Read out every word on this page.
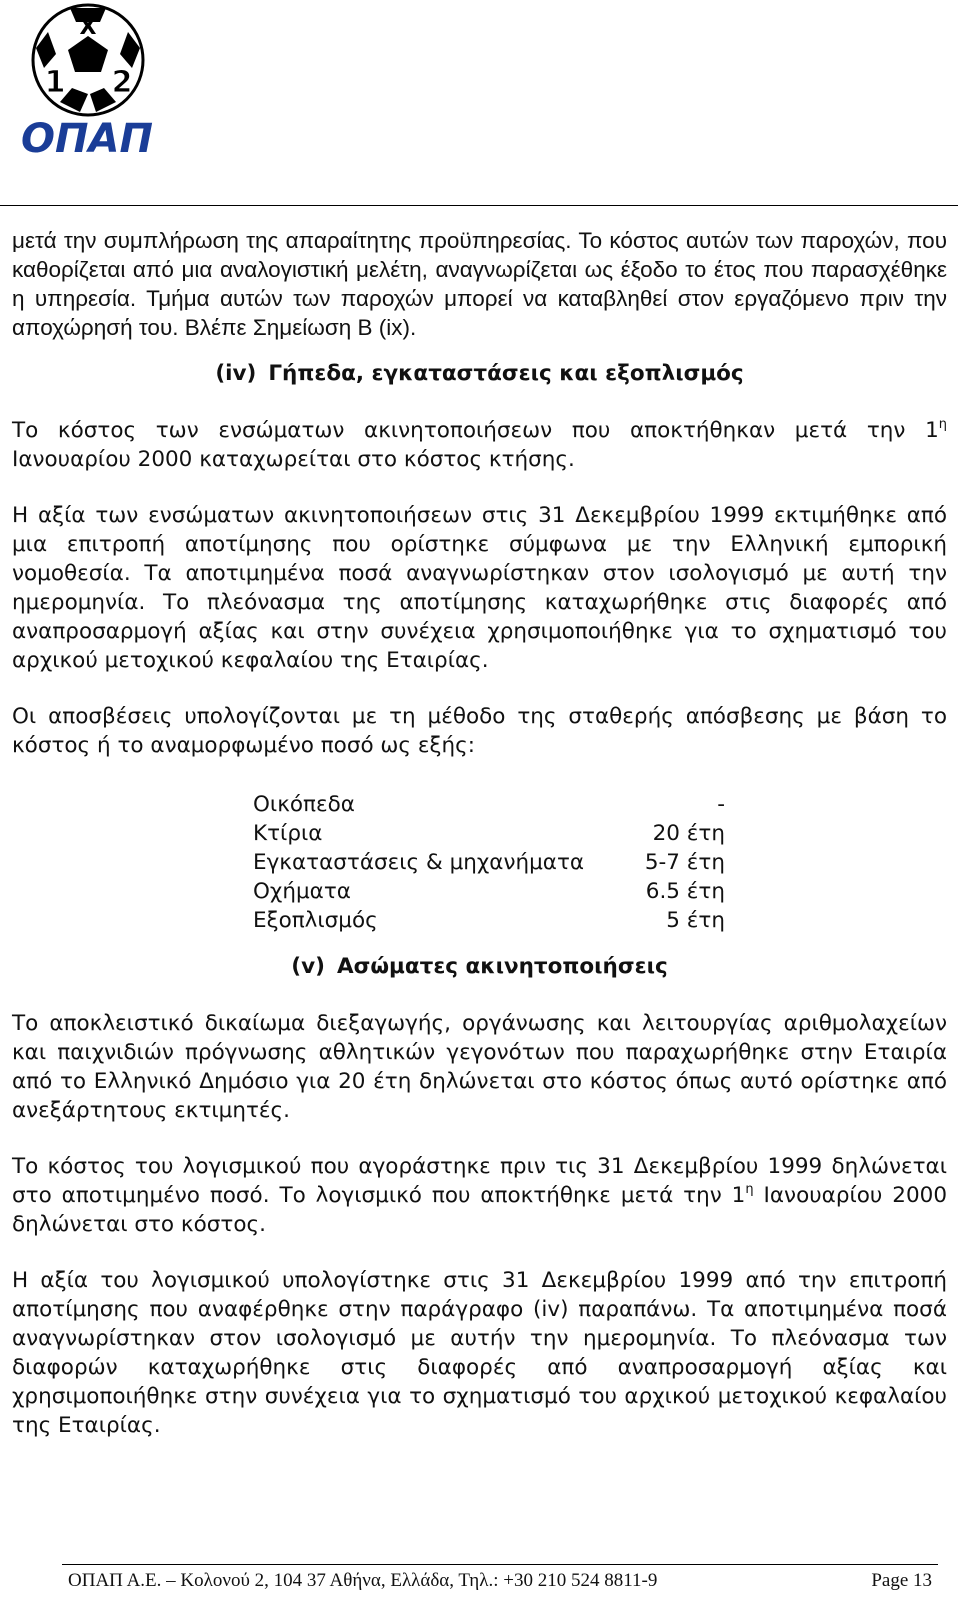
X
1 2
ΟΠΑΠ

μετά την συμπλήρωση της απαραίτητης προϋπηρεσίας. Το κόστος αυτών των παροχών, που καθορίζεται από μια αναλογιστική μελέτη, αναγνωρίζεται ως έξοδο το έτος που παρασχέθηκε η υπηρεσία. Τμήμα αυτών των παροχών μπορεί να καταβληθεί στον εργαζόμενο πριν την αποχώρησή του. Βλέπε Σημείωση Β (ix).

(iv) Γήπεδα, εγκαταστάσεις και εξοπλισμός

Το κόστος των ενσώματων ακινητοποιήσεων που αποκτήθηκαν μετά την $1^\eta$ Ιανουαρίου 2000 καταχωρείται στο κόστος κτήσης.

Η αξία των ενσώματων ακινητοποιήσεων στις 31 Δεκεμβρίου 1999 εκτιμήθηκε από μια επιτροπή αποτίμησης που ορίστηκε σύμφωνα με την Ελληνική εμπορική νομοθεσία. Τα αποτιμημένα ποσά αναγνωρίστηκαν στον ισολογισμό με αυτή την ημερομηνία. Το πλεόνασμα της αποτίμησης καταχωρήθηκε στις διαφορές από αναπροσαρμογή αξίας και στην συνέχεια χρησιμοποιήθηκε για το σχηματισμό του αρχικού μετοχικού κεφαλαίου της Εταιρίας.

Οι αποσβέσεις υπολογίζονται με τη μέθοδο της σταθερής απόσβεσης με βάση το κόστος ή το αναμορφωμένο ποσό ως εξής:

Οικόπεδα	-
Κτίρια	20 έτη
Εγκαταστάσεις & μηχανήματα	5-7 έτη
Οχήματα	6.5 έτη
Εξοπλισμός	5 έτη
(v) Ασώματες ακινητοποιήσεις

Το αποκλειστικό δικαίωμα διεξαγωγής, οργάνωσης και λειτουργίας αριθμολαχείων και παιχνιδιών πρόγνωσης αθλητικών γεγονότων που παραχωρήθηκε στην Εταιρία από το Ελληνικό Δημόσιο για 20 έτη δηλώνεται στο κόστος όπως αυτό ορίστηκε από ανεξάρτητους εκτιμητές.

Το κόστος του λογισμικού που αγοράστηκε πριν τις 31 Δεκεμβρίου 1999 δηλώνεται στο αποτιμημένο ποσό. Το λογισμικό που αποκτήθηκε μετά την $1^\eta$ Ιανουαρίου 2000 δηλώνεται στο κόστος.

Η αξία του λογισμικού υπολογίστηκε στις 31 Δεκεμβρίου 1999 από την επιτροπή αποτίμησης που αναφέρθηκε στην παράγραφο (iv) παραπάνω. Τα αποτιμημένα ποσά αναγνωρίστηκαν στον ισολογισμό με αυτήν την ημερομηνία. Το πλεόνασμα των διαφορών καταχωρήθηκε στις διαφορές από αναπροσαρμογή αξίας και χρησιμοποιήθηκε στην συνέχεια για το σχηματισμό του αρχικού μετοχικού κεφαλαίου της Εταιρίας.

ΟΠΑΠ Α.Ε. – Κολονού 2, 104 37 Αθήνα, Ελλάδα, Τηλ.: +30 210 524 8811-9	Page 13
